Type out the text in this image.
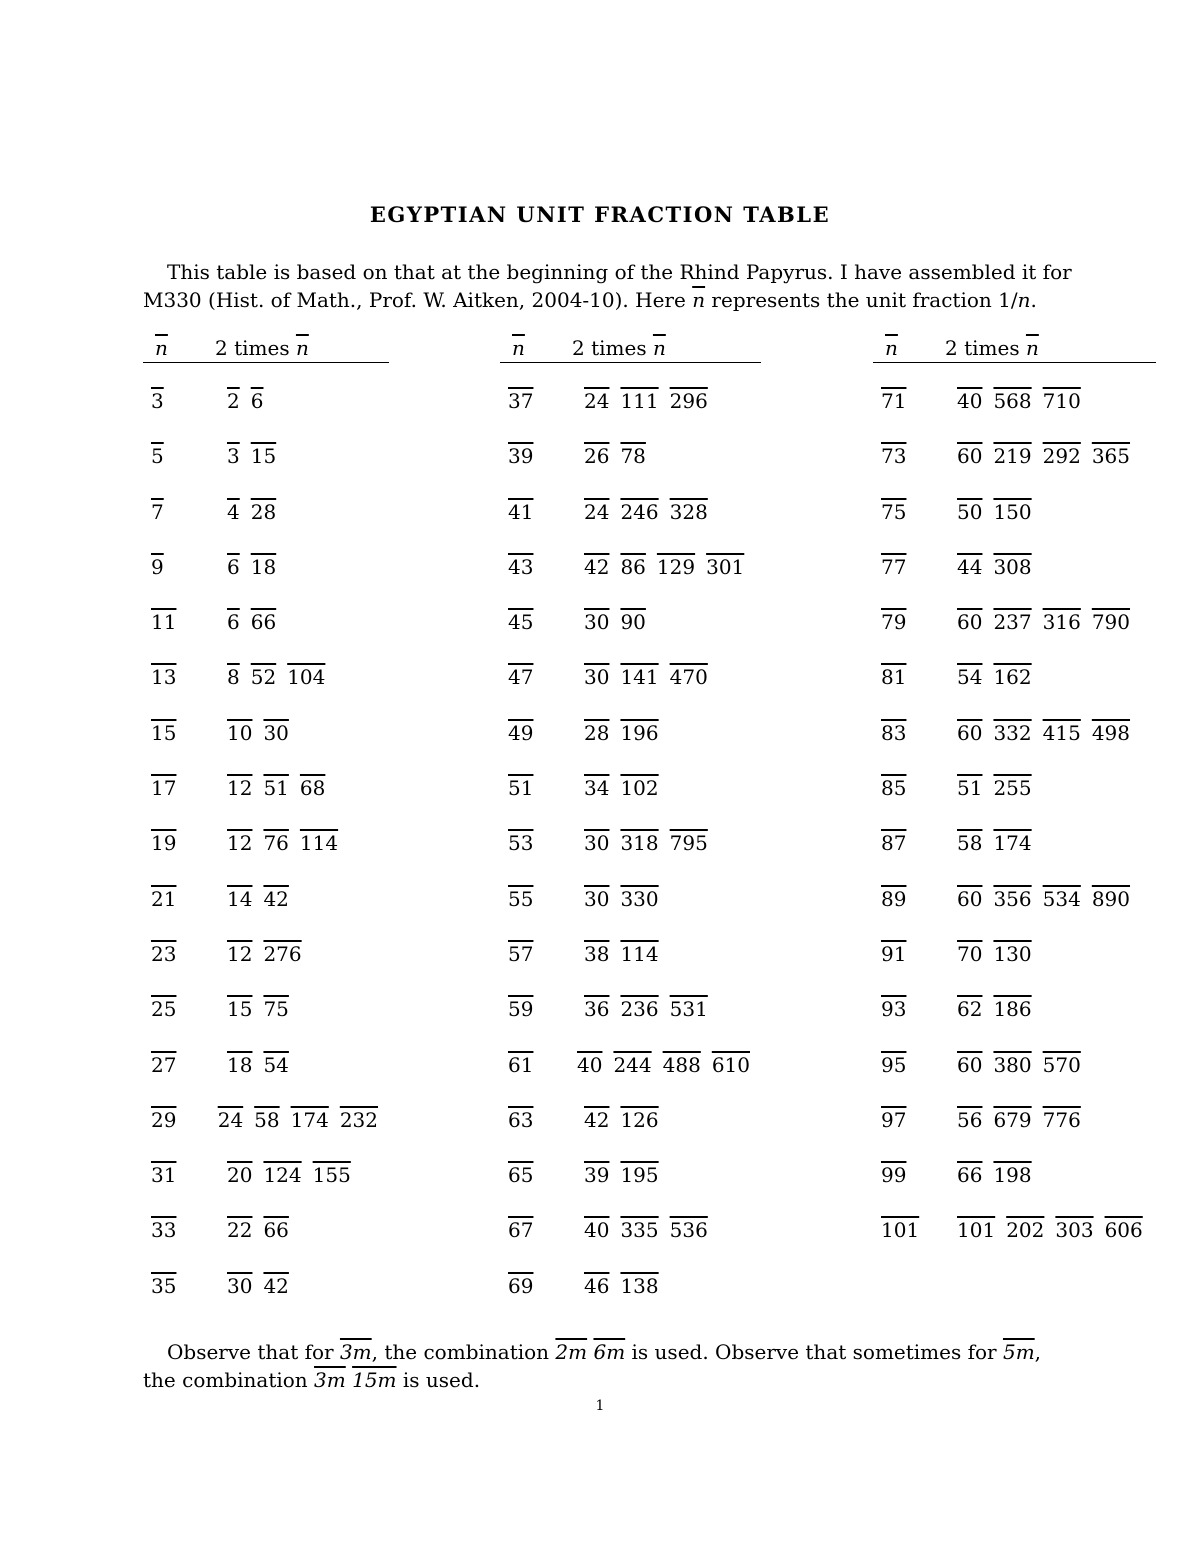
EGYPTIAN UNIT FRACTION TABLE
This table is based on that at the beginning of the Rhind Papyrus. I have assembled it for
M330 (Hist. of Math., Prof. W. Aitken, 2004-10). Here $\overline{n}$ represents the unit fraction 1/n.
$\overline{n}$	2 times $\overline{n}$
3	2 6
5	3 15
7	4 28
9	6 18
11	6 66
13	8 52 104
15	10 30
17	12 51 68
19	12 76 114
21	14 42
23	12 276
25	15 75
27	18 54
29	24 58 174 232
31	20 124 155
33	22 66
35	30 42
$\overline{n}$	2 times $\overline{n}$
37	24 111 296
39	26 78
41	24 246 328
43	42 86 129 301
45	30 90
47	30 141 470
49	28 196
51	34 102
53	30 318 795
55	30 330
57	38 114
59	36 236 531
61	40 244 488 610
63	42 126
65	39 195
67	40 335 536
69	46 138
$\overline{n}$	2 times $\overline{n}$
71	40 568 710
73	60 219 292 365
75	50 150
77	44 308
79	60 237 316 790
81	54 162
83	60 332 415 498
85	51 255
87	58 174
89	60 356 534 890
91	70 130
93	62 186
95	60 380 570
97	56 679 776
99	66 198
101	101 202 303 606
Observe that for 3m, the combination 2m 6m is used. Observe that sometimes for 5m,
the combination 3m 15m is used.
1
